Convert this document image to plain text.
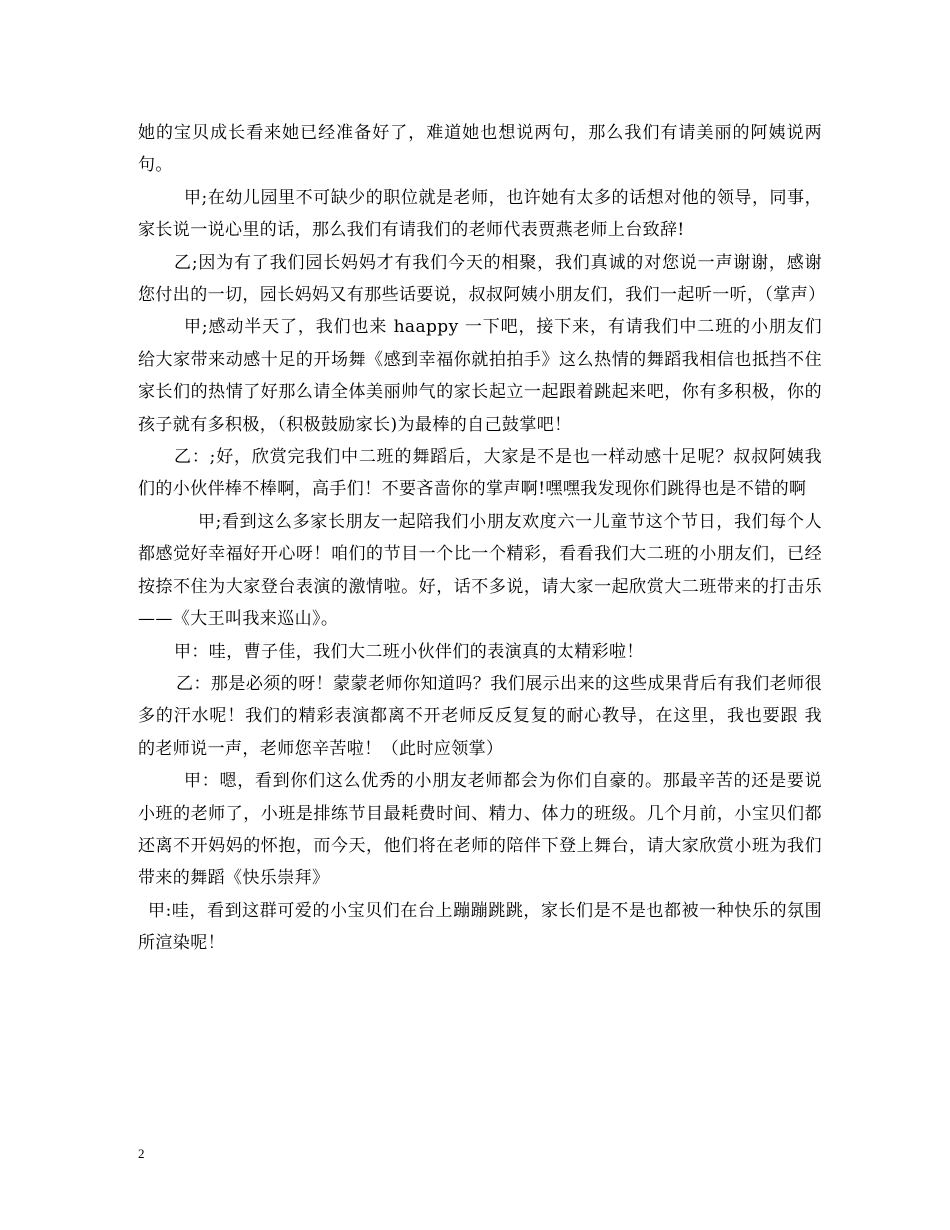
她的宝贝成长看来她已经准备好了，难道她也想说两句，那么我们有请美丽的阿姨说两句。

甲;在幼儿园里不可缺少的职位就是老师，也许她有太多的话想对他的领导，同事，家长说一说心里的话，那么我们有请我们的老师代表贾燕老师上台致辞!

乙;因为有了我们园长妈妈才有我们今天的相聚，我们真诚的对您说一声谢谢，感谢您付出的一切，园长妈妈又有那些话要说，叔叔阿姨小朋友们，我们一起听一听，（掌声）

甲;感动半天了，我们也来 haappy 一下吧，接下来，有请我们中二班的小朋友们给大家带来动感十足的开场舞《感到幸福你就拍拍手》这么热情的舞蹈我相信也抵挡不住家长们的热情了好那么请全体美丽帅气的家长起立一起跟着跳起来吧，你有多积极，你的孩子就有多积极，（积极鼓励家长)为最棒的自己鼓掌吧！

乙：;好，欣赏完我们中二班的舞蹈后，大家是不是也一样动感十足呢？叔叔阿姨我们的小伙伴棒不棒啊，高手们！不要吝啬你的掌声啊!嘿嘿我发现你们跳得也是不错的啊

甲;看到这么多家长朋友一起陪我们小朋友欢度六一儿童节这个节日，我们每个人都感觉好幸福好开心呀！咱们的节目一个比一个精彩，看看我们大二班的小朋友们，已经按捺不住为大家登台表演的激情啦。好，话不多说，请大家一起欣赏大二班带来的打击乐——《大王叫我来巡山》。

甲：哇，曹子佳，我们大二班小伙伴们的表演真的太精彩啦！

乙：那是必须的呀！蒙蒙老师你知道吗？我们展示出来的这些成果背后有我们老师很多的汗水呢！我们的精彩表演都离不开老师反反复复的耐心教导，在这里，我也要跟 我的老师说一声，老师您辛苦啦！（此时应领掌）

甲：嗯，看到你们这么优秀的小朋友老师都会为你们自豪的。那最辛苦的还是要说小班的老师了，小班是排练节目最耗费时间、精力、体力的班级。几个月前，小宝贝们都还离不开妈妈的怀抱，而今天，他们将在老师的陪伴下登上舞台，请大家欣赏小班为我们带来的舞蹈《快乐崇拜》

甲:哇，看到这群可爱的小宝贝们在台上蹦蹦跳跳，家长们是不是也都被一种快乐的氛围所渲染呢！

2
